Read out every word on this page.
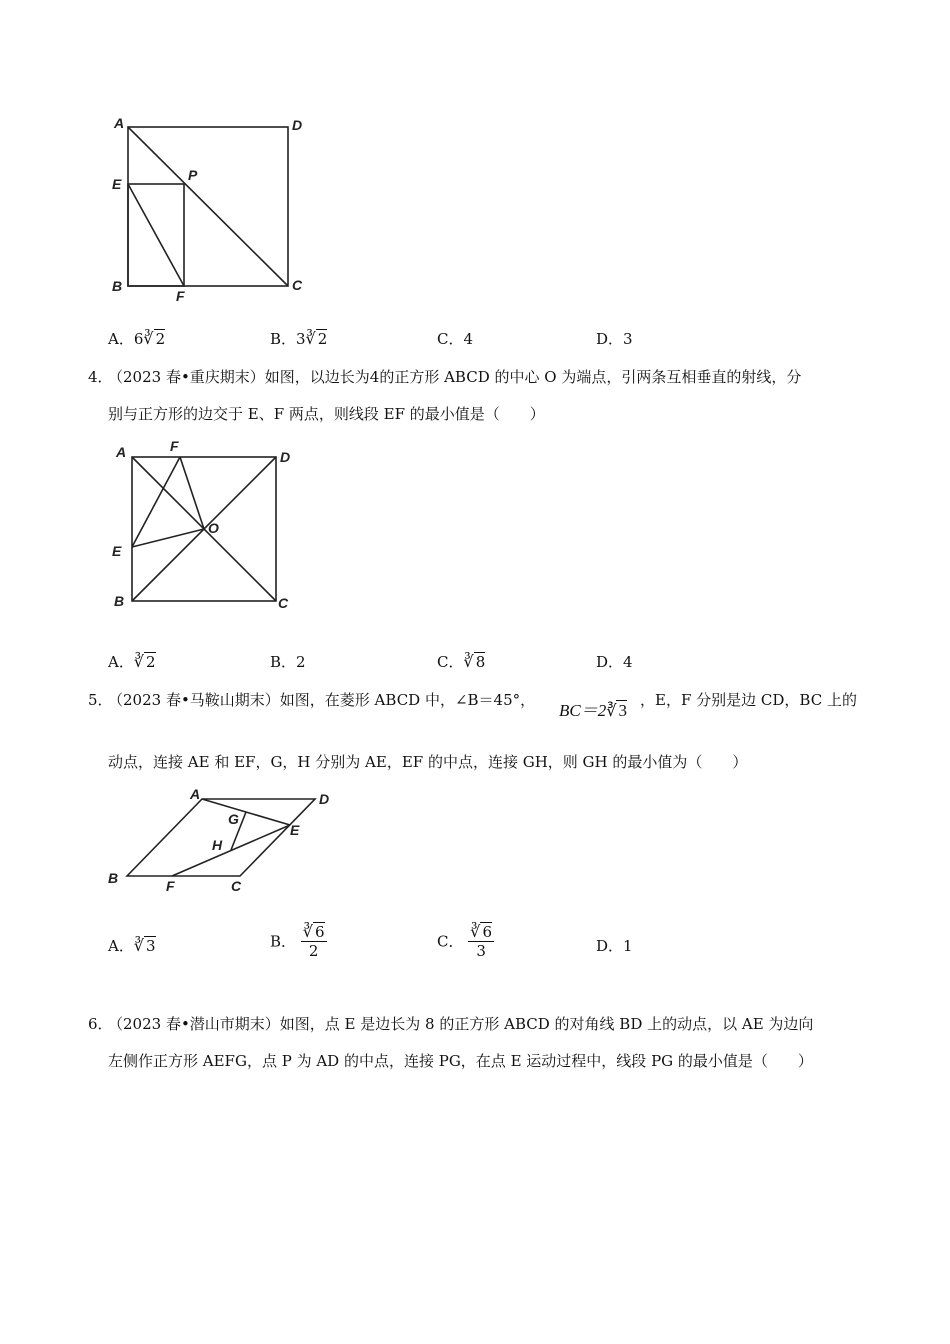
A	D
E
P
B
F
C
A．6∛ 2	B．3∛ 2	C．4	D．3
4．
（2023 春•重庆期末）如图，以边长为4的正方形 ABCD 的中心 O 为端点，引两条互相垂直的射线，分
别与正方形的边交于 E、F 两点，则线段 EF 的最小值是（　　）
A	F
D
O
E
B	C
A．∛ 2	B．2	C．∛ 8	D．4
5．
（2023 春•马鞍山期末）如图，在菱形 ABCD 中，∠B＝45°，
BC＝2∛ 3
，E，F 分别是边 CD，BC 上的
动点，连接 AE 和 EF，G，H 分别为 AE，EF 的中点，连接 GH，则 GH 的最小值为（　　）
A	D
G
E
H
B	F	C
A．∛ 3	B． $\frac{∛ 6}{2}$	C． $\frac{∛ 6}{3}$	D．1
6．
（2023 春•潜山市期末）如图，点 E 是边长为 8 的正方形 ABCD 的对角线 BD 上的动点，以 AE 为边向
左侧作正方形 AEFG，点 P 为 AD 的中点，连接 PG，在点 E 运动过程中，线段 PG 的最小值是（　　）
